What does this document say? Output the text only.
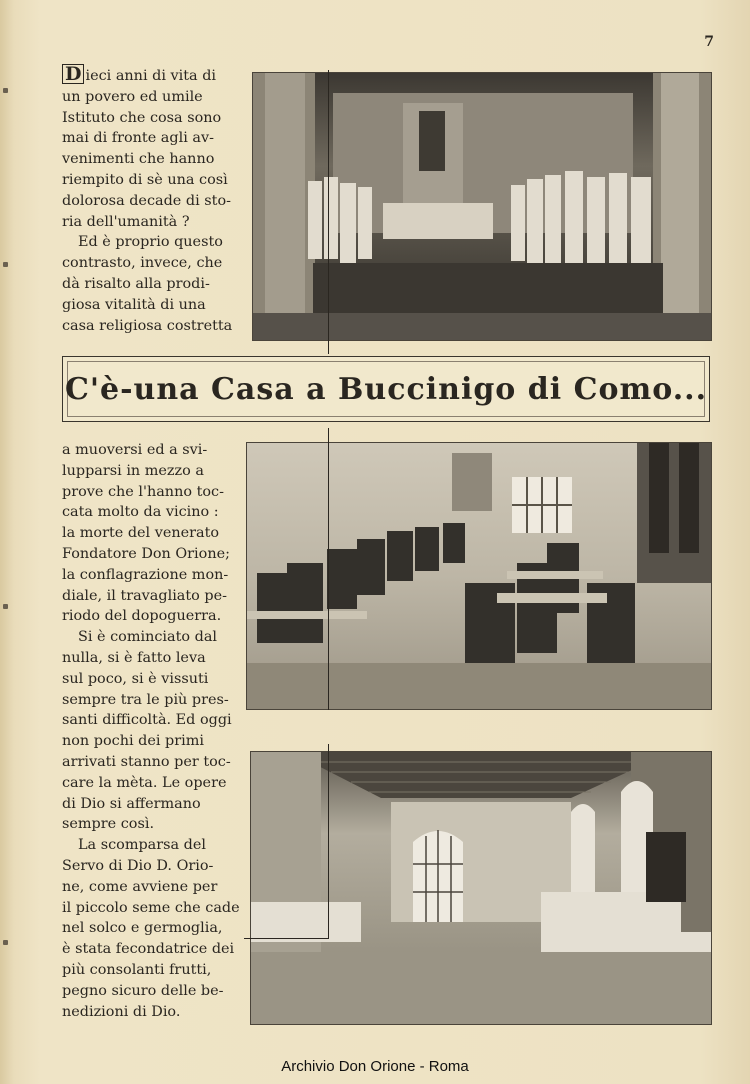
7
D ieci anni di vita di
un povero ed umile
Istituto che cosa sono
mai di fronte agli av-
venimenti che hanno
riempito di sè una così
dolorosa decade di sto-
ria dell'umanità ?
Ed è proprio questo
contrasto, invece, che
dà risalto alla prodi-
giosa vitalità di una
casa religiosa costretta
C'è-una Casa a Buccinigo di Como...
a muoversi ed a svi-
lupparsi in mezzo a
prove che l'hanno toc-
cata molto da vicino :
la morte del venerato
Fondatore Don Orione;
la conflagrazione mon-
diale, il travagliato pe-
riodo del dopoguerra.
Si è cominciato dal
nulla, si è fatto leva
sul poco, si è vissuti
sempre tra le più pres-
santi difficoltà. Ed oggi
non pochi dei primi
arrivati stanno per toc-
care la mèta. Le opere
di Dio si affermano
sempre così.
La scomparsa del
Servo di Dio D. Orio-
ne, come avviene per
il piccolo seme che cade
nel solco e germoglia,
è stata fecondatrice dei
più consolanti frutti,
pegno sicuro delle be-
nedizioni di Dio.
Archivio Don Orione - Roma
